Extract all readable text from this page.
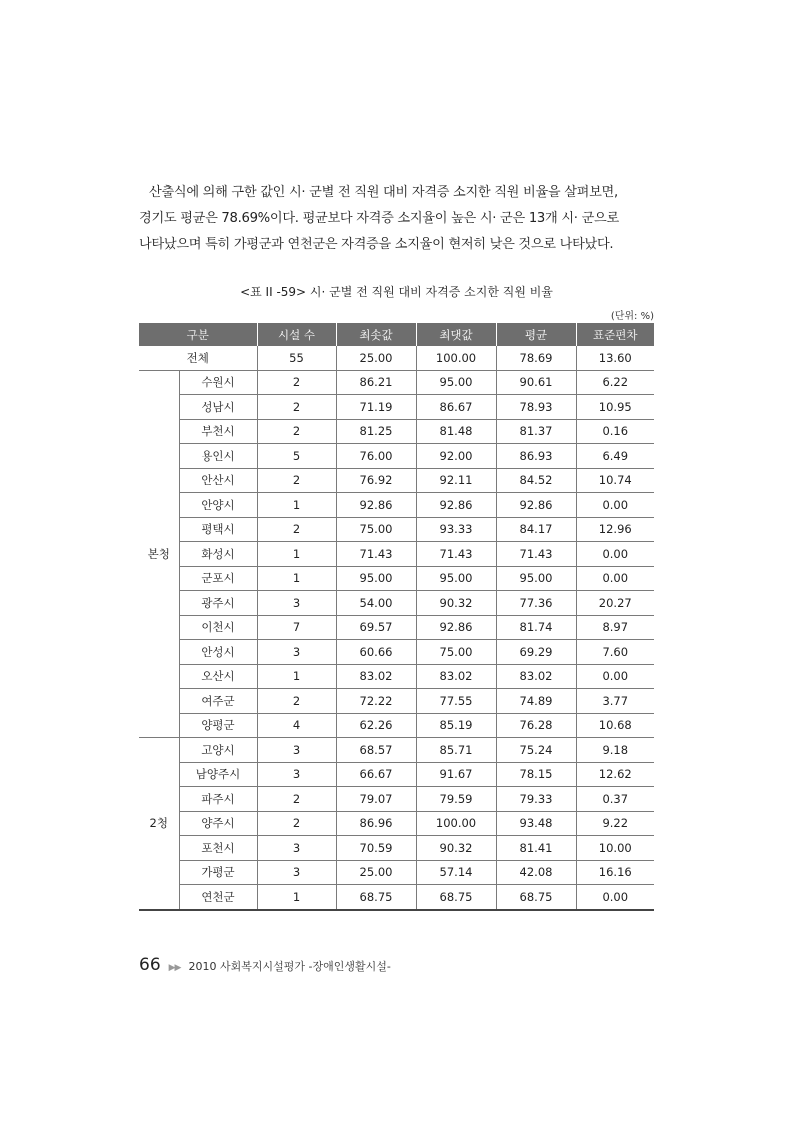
산출식에 의해 구한 값인 시· 군별 전 직원 대비 자격증 소지한 직원 비율을 살펴보면,
경기도 평균은 78.69%이다. 평균보다 자격증 소지율이 높은 시· 군은 13개 시· 군으로
나타났으며 특히 가평군과 연천군은 자격증을 소지율이 현저히 낮은 것으로 나타났다.

<표 II -59> 시· 군별 전 직원 대비 자격증 소지한 직원 비율

(단위: %)
구분		시설 수	최솟값	최댓값	평균	표준편차
전체		55	25.00	100.00	78.69	13.60
본청	수원시	2	86.21	95.00	90.61	6.22
	성남시	2	71.19	86.67	78.93	10.95
	부천시	2	81.25	81.48	81.37	0.16
	용인시	5	76.00	92.00	86.93	6.49
	안산시	2	76.92	92.11	84.52	10.74
	안양시	1	92.86	92.86	92.86	0.00
	평택시	2	75.00	93.33	84.17	12.96
	화성시	1	71.43	71.43	71.43	0.00
	군포시	1	95.00	95.00	95.00	0.00
	광주시	3	54.00	90.32	77.36	20.27
	이천시	7	69.57	92.86	81.74	8.97
	안성시	3	60.66	75.00	69.29	7.60
	오산시	1	83.02	83.02	83.02	0.00
	여주군	2	72.22	77.55	74.89	3.77
	양평군	4	62.26	85.19	76.28	10.68
2청	고양시	3	68.57	85.71	75.24	9.18
	남양주시	3	66.67	91.67	78.15	12.62
	파주시	2	79.07	79.59	79.33	0.37
	양주시	2	86.96	100.00	93.48	9.22
	포천시	3	70.59	90.32	81.41	10.00
	가평군	3	25.00	57.14	42.08	16.16
	연천군	1	68.75	68.75	68.75	0.00
66 ▶▶ 2010 사회복지시설평가 -장애인생활시설-
